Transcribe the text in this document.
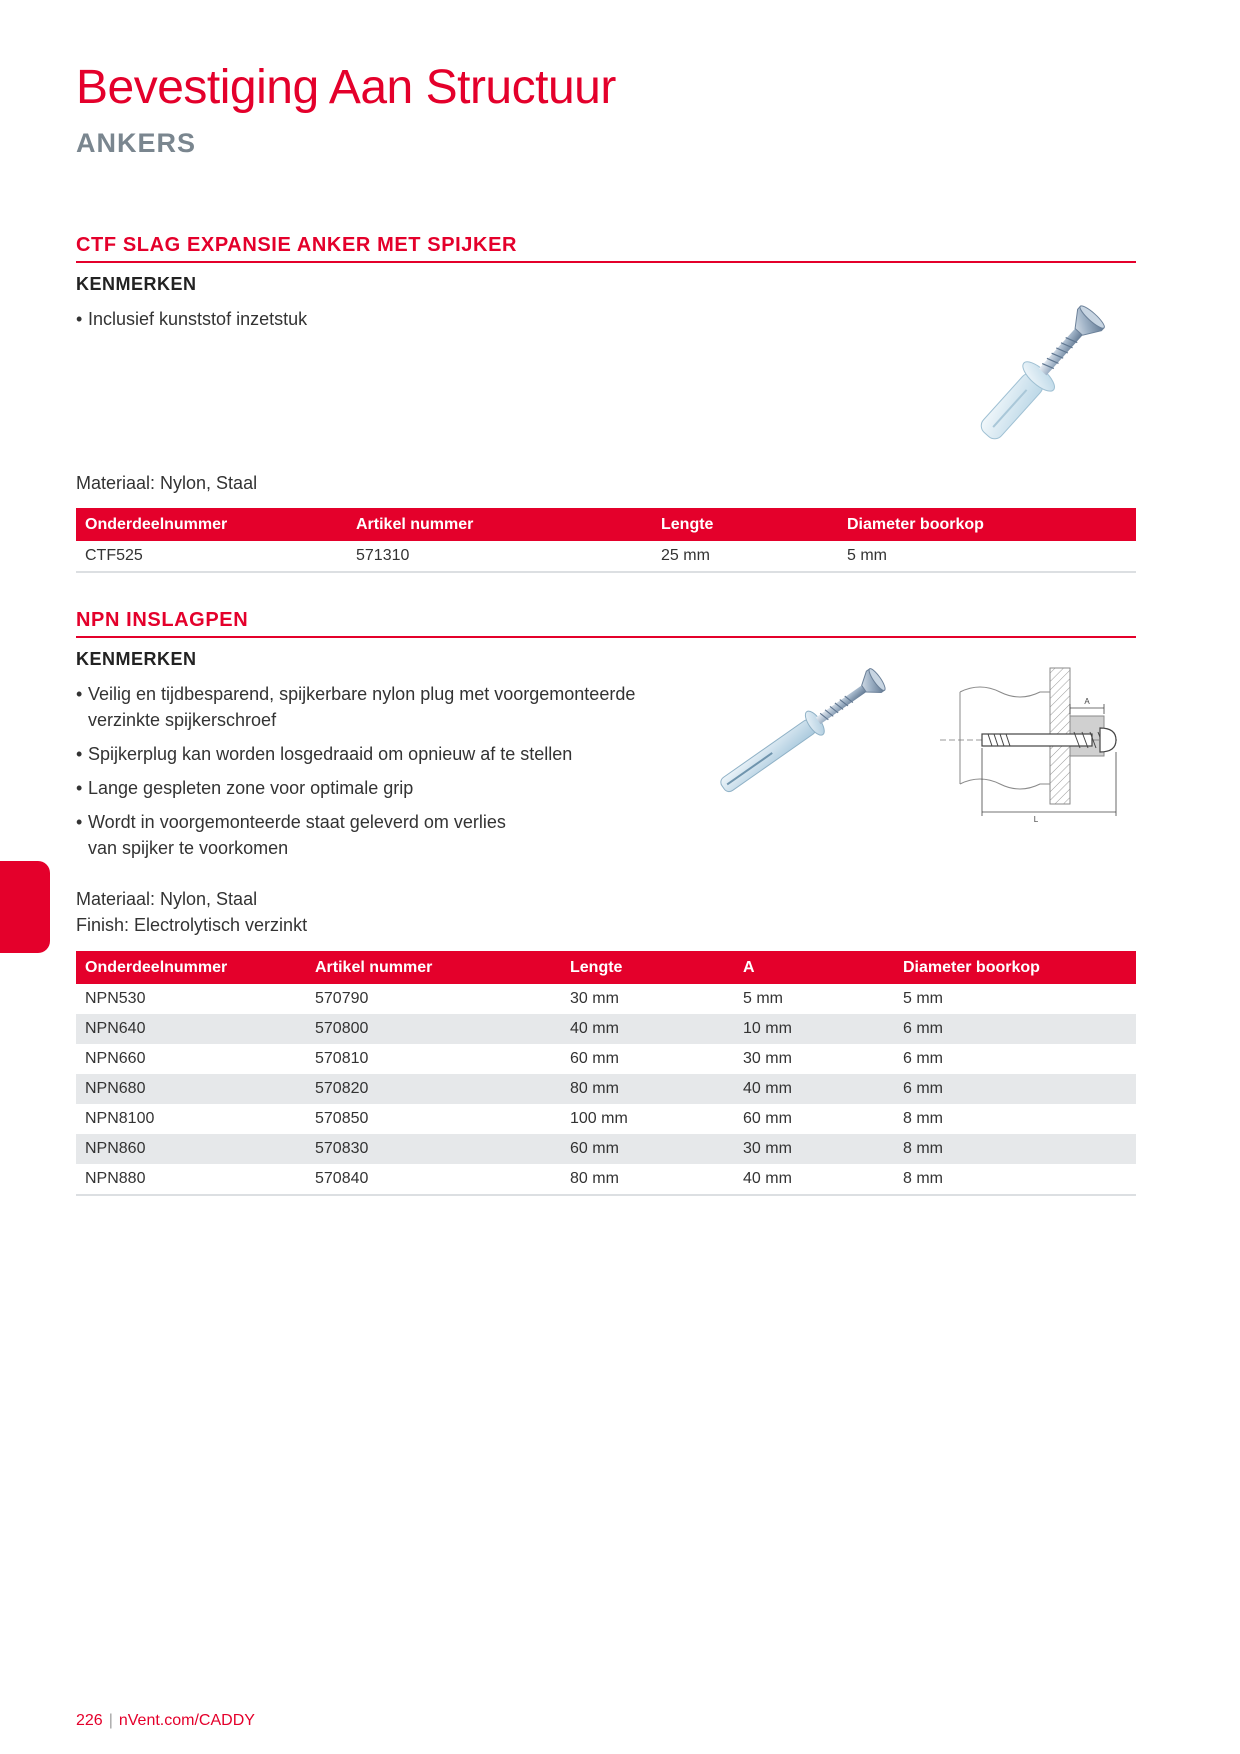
Bevestiging Aan Structuur
ANKERS
CTF SLAG EXPANSIE ANKER MET SPIJKER
KENMERKEN
• Inclusief kunststof inzetstuk

Materiaal: Nylon, Staal

Onderdeelnummer	Artikel nummer	Lengte	Diameter boorkop
CTF525	571310	25 mm	5 mm
NPN INSLAGPEN
KENMERKEN
• Veilig en tijdbesparend, spijkerbare nylon plug met voorgemonteerde
verzinkte spijkerschroef
• Spijkerplug kan worden losgedraaid om opnieuw af te stellen
• Lange gespleten zone voor optimale grip
• Wordt in voorgemonteerde staat geleverd om verlies
van spijker te voorkomen
A
L

Materiaal: Nylon, Staal

Finish: Electrolytisch verzinkt

Onderdeelnummer	Artikel nummer	Lengte	A	Diameter boorkop
NPN530	570790	30 mm	5 mm	5 mm
NPN640	570800	40 mm	10 mm	6 mm
NPN660	570810	60 mm	30 mm	6 mm
NPN680	570820	80 mm	40 mm	6 mm
NPN8100	570850	100 mm	60 mm	8 mm
NPN860	570830	60 mm	30 mm	8 mm
NPN880	570840	80 mm	40 mm	8 mm
226 | nVent.com/CADDY
